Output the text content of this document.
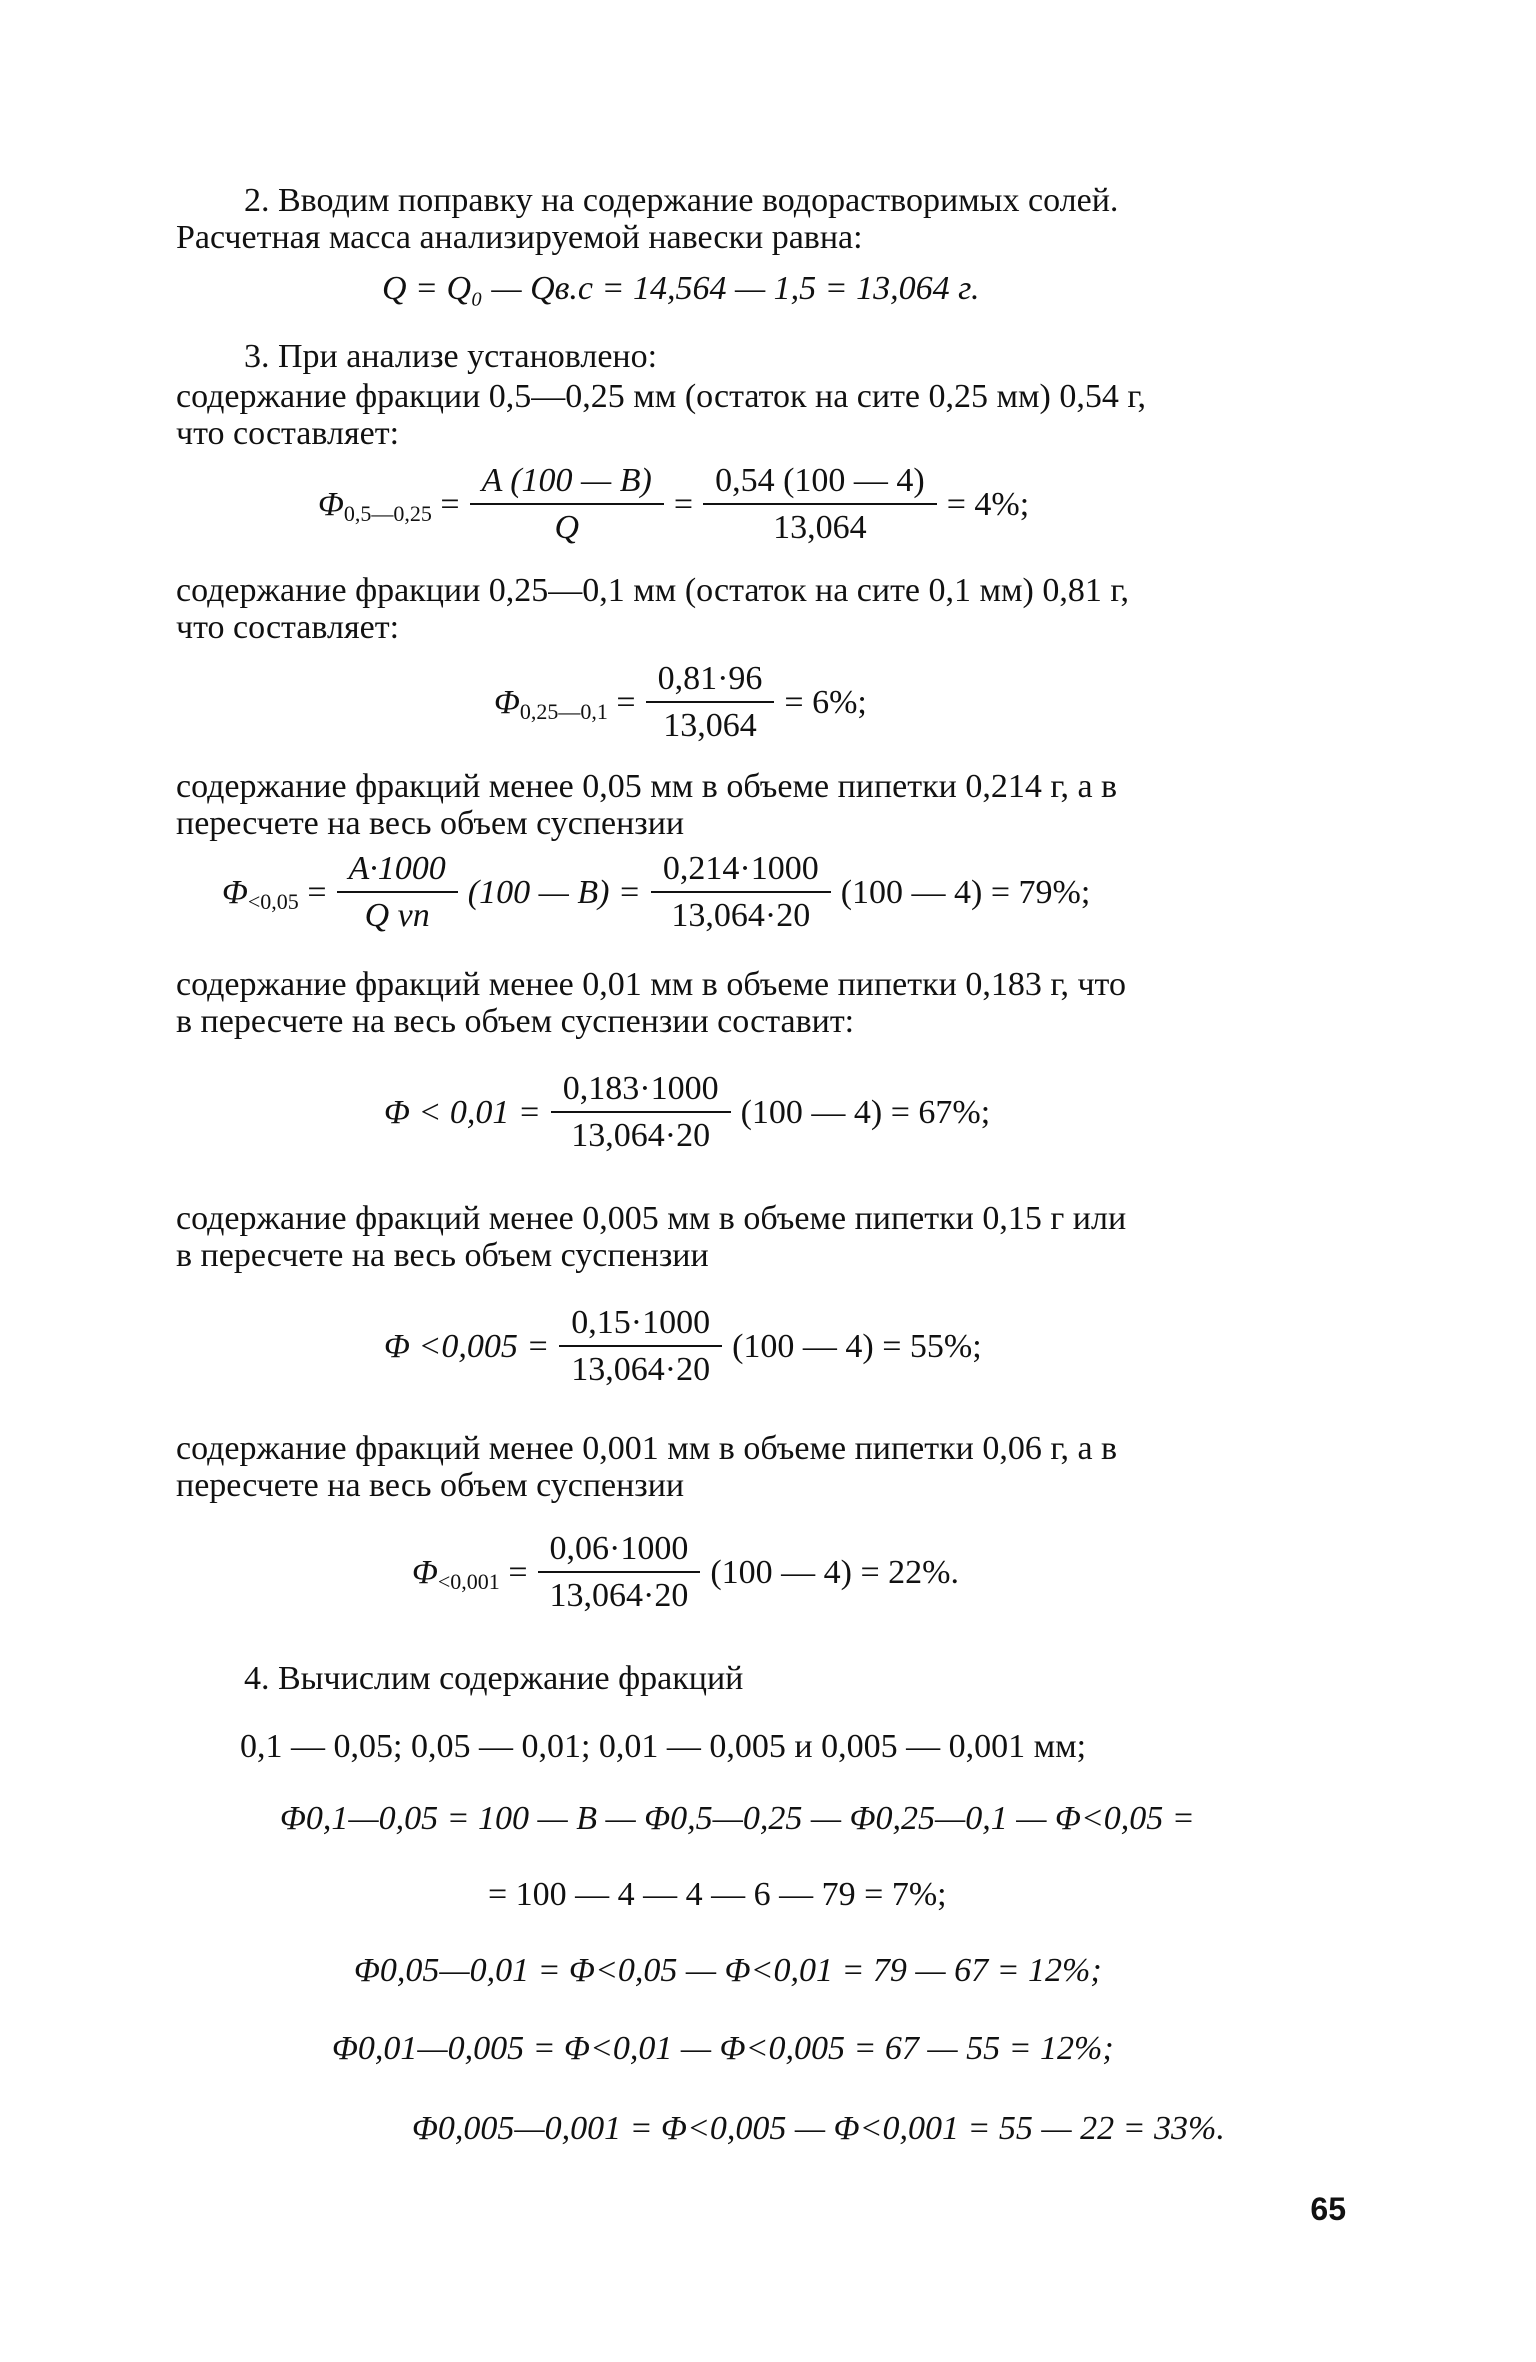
2. Вводим поправку на содержание водорастворимых солей.
Расчетная масса анализируемой навески равна:
Q = Q₀ — Qв.с = 14,564 — 1,5 = 13,064 г.
3. При анализе установлено:
содержание фракции 0,5—0,25 мм (остаток на сите 0,25 мм) 0,54 г,
что составляет:
Φ 0,5—0,25 = $\frac{A (100 — B)}{Q} = \frac{0,54 (100 — 4)}{13,064} = 4\%$;
содержание фракции 0,25—0,1 мм (остаток на сите 0,1 мм) 0,81 г,
что составляет:
Φ 0,25—0,1 = $\frac{0,81\cdot 96}{13,064} = 6\%$;
содержание фракций менее 0,05 мм в объеме пипетки 0,214 г, а в
пересчете на весь объем суспензии
$\Phi <0,05 = \frac{A\cdot 1000}{\text{Q vп}} (100$ — $B) = \frac{0,214\cdot 1000}{13,064\cdot 20} (100$ — 4) = 79%;
содержание фракций менее 0,01 мм в объеме пипетки 0,183 г, что
в пересчете на весь объем суспензии составит:
$\Phi < 0,01 = \frac{0,183\cdot 1000}{13,064\cdot 20} (100$ — 4) = 67%;
содержание фракций менее 0,005 мм в объеме пипетки 0,15 г или
в пересчете на весь объем суспензии
$\Phi <0,005 = \frac{0,15\cdot 1000}{13,064\cdot 20} (100$ — 4) = 55%;
содержание фракций менее 0,001 мм в объеме пипетки 0,06 г, а в
пересчете на весь объем суспензии
$\Phi <0,001 = \frac{0,06\cdot 1000}{13,064\cdot 20} (100$ — 4) = 22%.
4. Вычислим содержание фракций
0,1 — 0,05; 0,05 — 0,01; 0,01 — 0,005 и 0,005 — 0,001 мм;
Φ0,1—0,05 = 100 — B — Φ0,5—0,25 — Φ0,25—0,1 — Φ<0,05 =
= 100 — 4 — 4 — 6 — 79 = 7%;
Φ0,05—0,01 = Φ<0,05 — Φ<0,01 = 79 — 67 = 12%;
Φ0,01—0,005 = Φ<0,01 — Φ<0,005 = 67 — 55 = 12%;
Φ0,005—0,001 = Φ<0,005 — Φ<0,001 = 55 — 22 = 33%.
65
